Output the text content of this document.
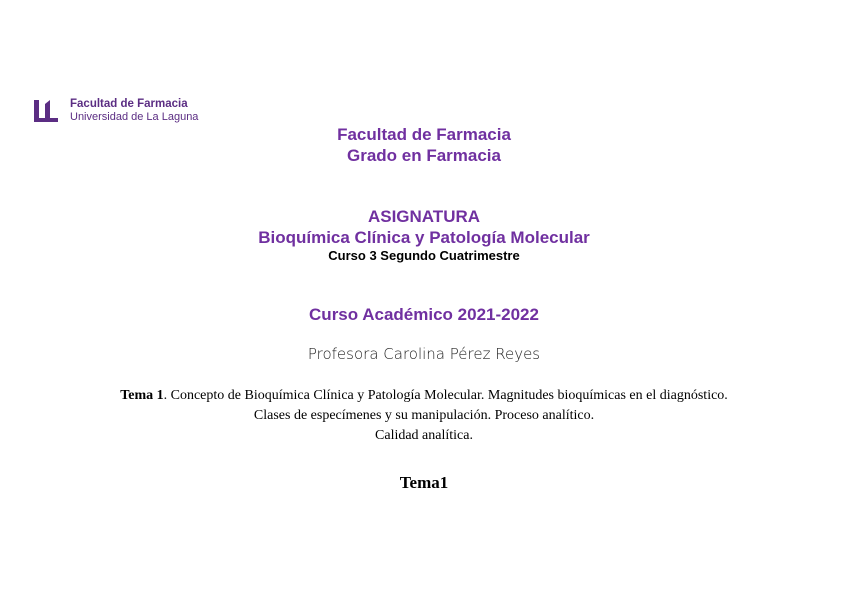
Facultad de Farmacia
Universidad de La Laguna
Facultad de Farmacia
Grado en Farmacia
ASIGNATURA
Bioquímica Clínica y Patología Molecular
Curso 3 Segundo Cuatrimestre
Curso Académico 2021-2022
Profesora Carolina Pérez Reyes
Tema 1. Concepto de Bioquímica Clínica y Patología Molecular. Magnitudes bioquímicas en el diagnóstico.
Clases de especímenes y su manipulación. Proceso analítico.
Calidad analítica.
Tema1
